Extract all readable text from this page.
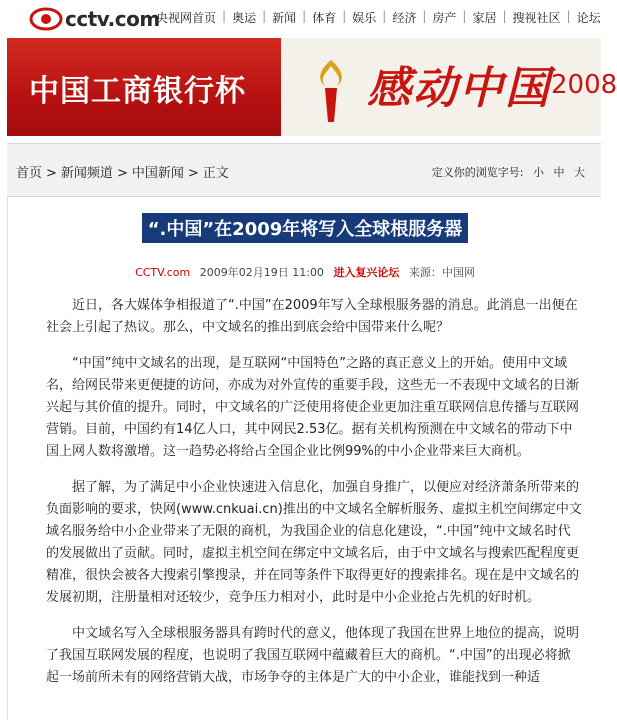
cctv.com
央视网首页 | 奥运 | 新闻 | 体育 | 娱乐 | 经济 | 房产 | 家居 | 搜视社区 | 论坛
中国工商银行杯	感动中国 2008
首页 > 新闻频道 > 中国新闻 > 正文	定义你的浏览字号: 小 中 大
“.中国”在2009年将写入全球根服务器
CCTV.com 2009年02月19日 11:00 进入复兴论坛 来源：中国网

近日，各大媒体争相报道了“.中国”在2009年写入全球根服务器的消息。此消息一出便在社会上引起了热议。那么，中文域名的推出到底会给中国带来什么呢？

“中国”纯中文域名的出现，是互联网“中国特色”之路的真正意义上的开始。使用中文域名，给网民带来更便捷的访问，亦成为对外宣传的重要手段，这些无一不表现中文域名的日渐兴起与其价值的提升。同时，中文域名的广泛使用将使企业更加注重互联网信息传播与互联网营销。目前，中国约有14亿人口，其中网民2.53亿。据有关机构预测在中文域名的带动下中国上网人数将激增。这一趋势必将给占全国企业比例99%的中小企业带来巨大商机。

据了解，为了满足中小企业快速进入信息化，加强自身推广，以便应对经济萧条所带来的负面影响的要求，快网(www.cnkuai.cn)推出的中文域名全解析服务、虚拟主机空间绑定中文域名服务给中小企业带来了无限的商机，为我国企业的信息化建设，“.中国”纯中文域名时代的发展做出了贡献。同时，虚拟主机空间在绑定中文域名后，由于中文域名与搜索匹配程度更精准，很快会被各大搜索引擎搜录，并在同等条件下取得更好的搜索排名。现在是中文域名的发展初期，注册量相对还较少，竞争压力相对小，此时是中小企业抢占先机的好时机。

中文域名写入全球根服务器具有跨时代的意义，他体现了我国在世界上地位的提高，说明了我国互联网发展的程度，也说明了我国互联网中蕴藏着巨大的商机。“.中国”的出现必将掀起一场前所未有的网络营销大战，市场争夺的主体是广大的中小企业，谁能找到一种适
